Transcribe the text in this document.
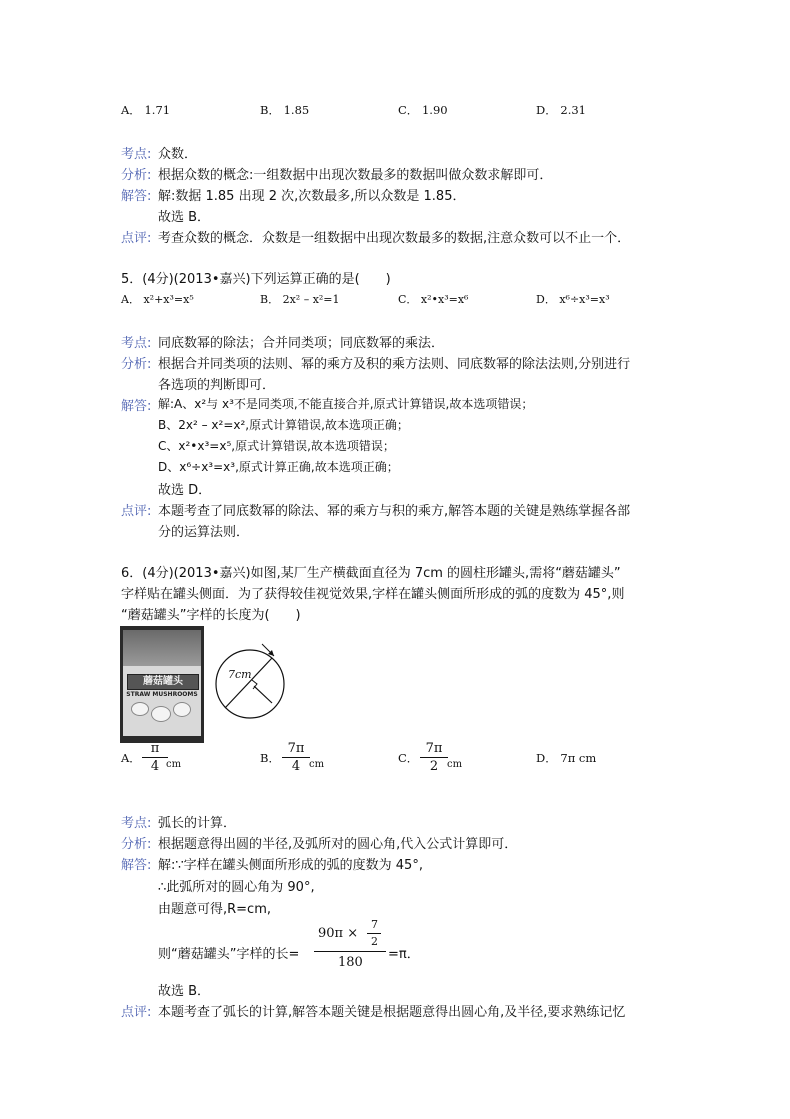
A． 1.71	B． 1.85	C． 1.90	D． 2.31
考点: 众数．
分析: 根据众数的概念:一组数据中出现次数最多的数据叫做众数求解即可．
解答: 解:数据 1.85 出现 2 次,次数最多,所以众数是 1.85．
故选 B．
点评: 考查众数的概念．众数是一组数据中出现次数最多的数据,注意众数可以不止一个．
5．(4分)(2013•嘉兴)下列运算正确的是(　　)
A． x²+x³=x⁵	B． 2x² – x²=1	C． x²•x³=x⁶	D． x⁶÷x³=x³
考点: 同底数幂的除法；合并同类项；同底数幂的乘法．
分析: 根据合并同类项的法则、幂的乘方及积的乘方法则、同底数幂的除法法则,分别进行
各选项的判断即可．
解答: 解:A、x²与 x³不是同类项,不能直接合并,原式计算错误,故本选项错误；
B、2x² – x²=x²,原式计算错误,故本选项正确；
C、x²•x³=x⁵,原式计算错误,故本选项错误；
D、x⁶÷x³=x³,原式计算正确,故本选项正确；
故选 D．
点评: 本题考查了同底数幂的除法、幂的乘方与积的乘方,解答本题的关键是熟练掌握各部
分的运算法则．
6．(4分)(2013•嘉兴)如图,某厂生产横截面直径为 7cm 的圆柱形罐头,需将“蘑菇罐头”
字样贴在罐头侧面．为了获得较佳视觉效果,字样在罐头侧面所形成的弧的度数为 45°,则
“蘑菇罐头”字样的长度为(　　)
蘑菇罐头
STRAW MUSHROOMS
7cm
A．
π
4 cm	B．
7π
4 cm	C．
7π
2 cm	D． 7π cm
考点: 弧长的计算．
分析: 根据题意得出圆的半径,及弧所对的圆心角,代入公式计算即可．
解答: 解:∵字样在罐头侧面所形成的弧的度数为 45°,
∴此弧所对的圆心角为 90°,
由题意可得,R=cm,
则“蘑菇罐头”字样的长=
90π ×
7
2
180
=π．
故选 B．
点评: 本题考查了弧长的计算,解答本题关键是根据题意得出圆心角,及半径,要求熟练记忆
